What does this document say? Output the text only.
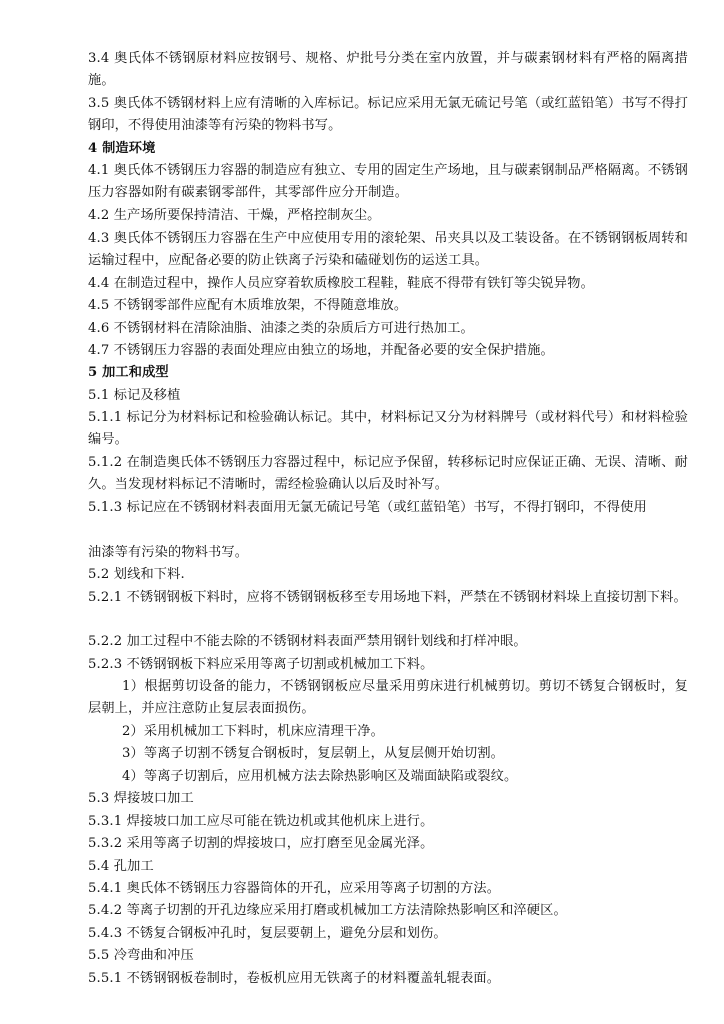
3.4 奥氏体不锈钢原材料应按钢号、规格、炉批号分类在室内放置，并与碳素钢材料有严格的隔离措施。

3.5 奥氏体不锈钢材料上应有清晰的入库标记。标记应采用无氯无硫记号笔（或红蓝铅笔）书写不得打钢印，不得使用油漆等有污染的物料书写。

4 制造环境

4.1 奥氏体不锈钢压力容器的制造应有独立、专用的固定生产场地，且与碳素钢制品严格隔离。不锈钢压力容器如附有碳素钢零部件，其零部件应分开制造。

4.2 生产场所要保持清洁、干燥，严格控制灰尘。

4.3 奥氏体不锈钢压力容器在生产中应使用专用的滚轮架、吊夹具以及工装设备。在不锈钢钢板周转和运输过程中，应配备必要的防止铁离子污染和磕碰划伤的运送工具。

4.4 在制造过程中，操作人员应穿着软质橡胶工程鞋，鞋底不得带有铁钉等尖锐异物。

4.5 不锈钢零部件应配有木质堆放架，不得随意堆放。

4.6 不锈钢材料在清除油脂、油漆之类的杂质后方可进行热加工。

4.7 不锈钢压力容器的表面处理应由独立的场地，并配备必要的安全保护措施。

5 加工和成型

5.1 标记及移植

5.1.1 标记分为材料标记和检验确认标记。其中，材料标记又分为材料牌号（或材料代号）和材料检验编号。

5.1.2 在制造奥氏体不锈钢压力容器过程中，标记应予保留，转移标记时应保证正确、无误、清晰、耐久。当发现材料标记不清晰时，需经检验确认以后及时补写。

5.1.3 标记应在不锈钢材料表面用无氯无硫记号笔（或红蓝铅笔）书写，不得打钢印，不得使用

油漆等有污染的物料书写。

5.2 划线和下料.

5.2.1 不锈钢钢板下料时，应将不锈钢钢板移至专用场地下料，严禁在不锈钢材料垛上直接切割下料。

5.2.2 加工过程中不能去除的不锈钢材料表面严禁用钢针划线和打样冲眼。

5.2.3 不锈钢钢板下料应采用等离子切割或机械加工下料。

1）根据剪切设备的能力，不锈钢钢板应尽量采用剪床进行机械剪切。剪切不锈复合钢板时，复层朝上，并应注意防止复层表面损伤。

2）采用机械加工下料时，机床应清理干净。

3）等离子切割不锈复合钢板时，复层朝上，从复层侧开始切割。

4）等离子切割后，应用机械方法去除热影响区及端面缺陷或裂纹。

5.3 焊接坡口加工

5.3.1 焊接坡口加工应尽可能在铣边机或其他机床上进行。

5.3.2 采用等离子切割的焊接坡口，应打磨至见金属光泽。

5.4 孔加工

5.4.1 奥氏体不锈钢压力容器筒体的开孔，应采用等离子切割的方法。

5.4.2 等离子切割的开孔边缘应采用打磨或机械加工方法清除热影响区和淬硬区。

5.4.3 不锈复合钢板冲孔时，复层要朝上，避免分层和划伤。

5.5 冷弯曲和冲压

5.5.1 不锈钢钢板卷制时，卷板机应用无铁离子的材料覆盖轧辊表面。
